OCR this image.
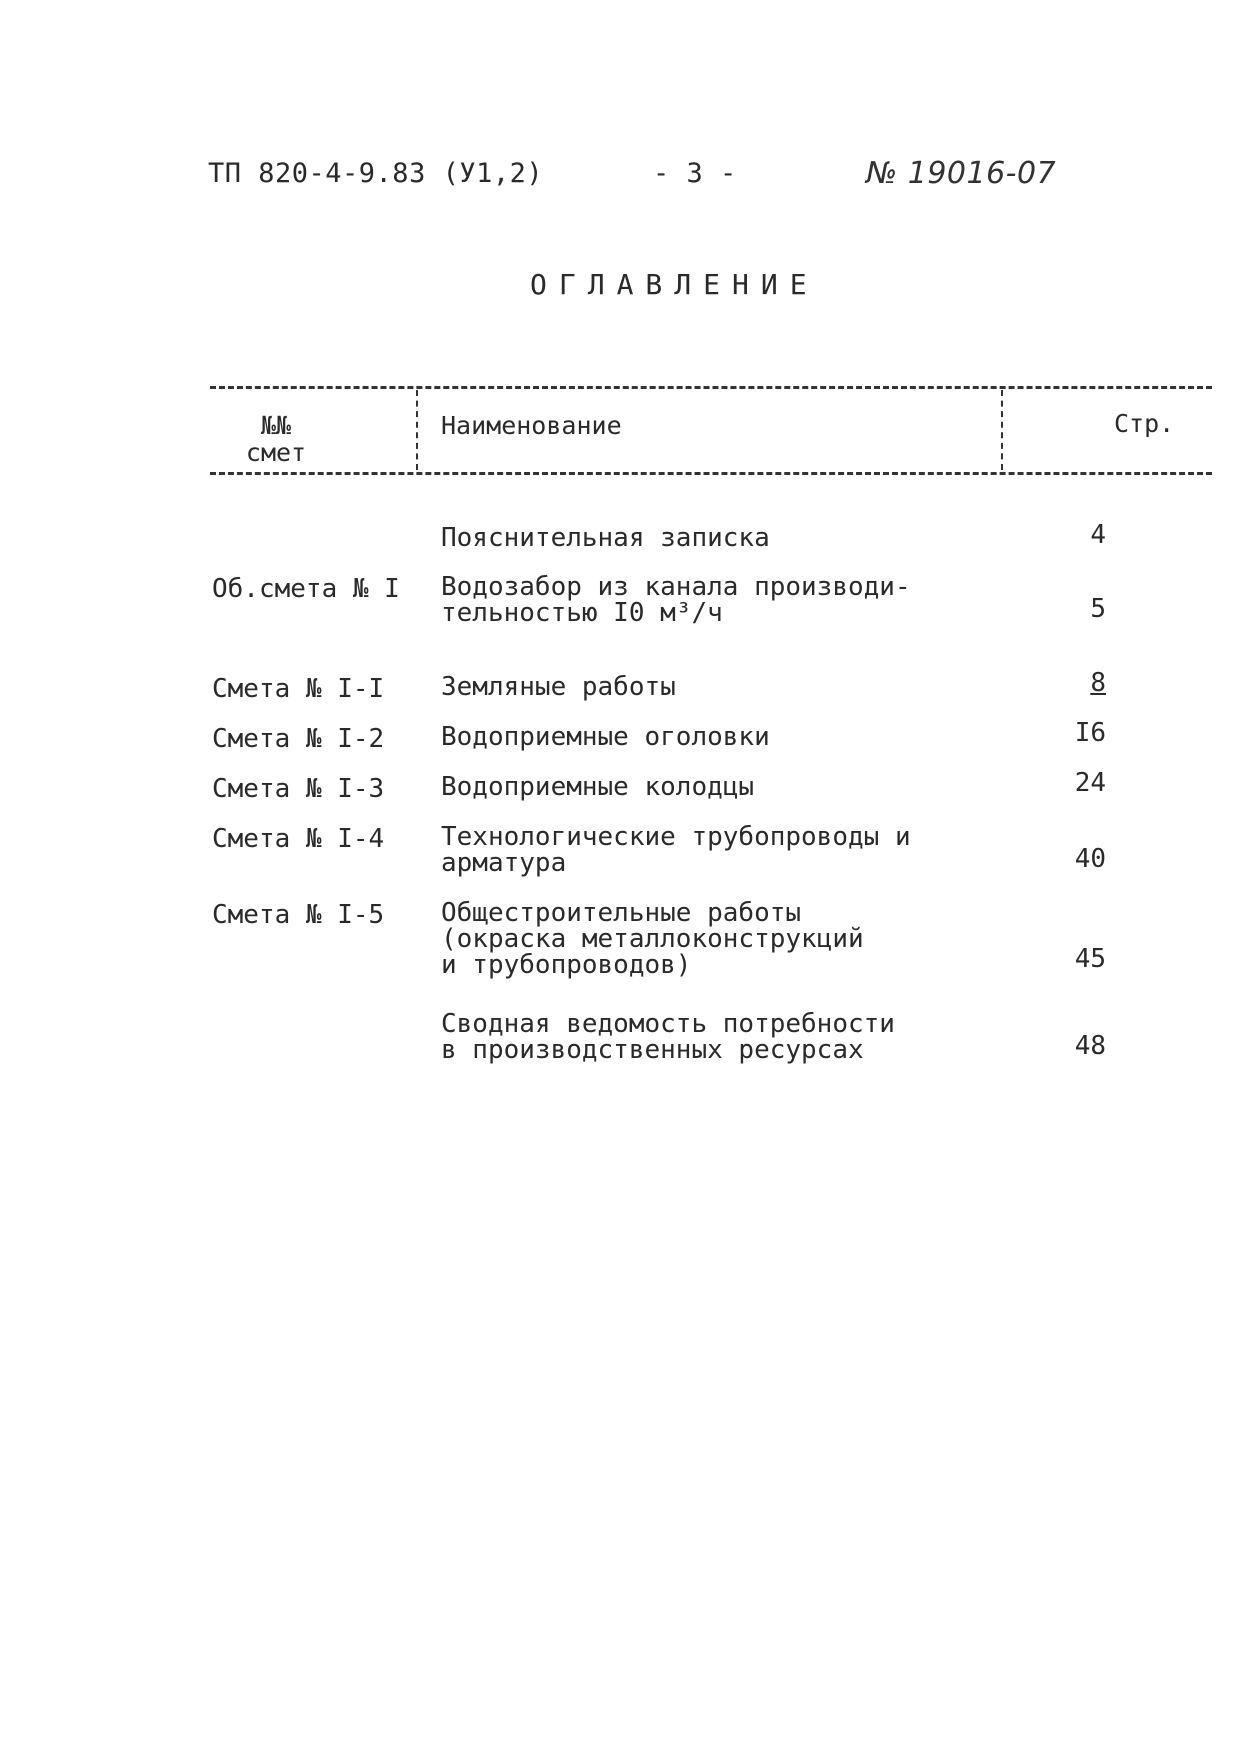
ТП 820-4-9.83 (У1,2)	- 3 -	№ 19016-07
ОГЛАВЛЕНИЕ
№№
смет
Наименование	Стр.
Пояснительная записка	4
Об.смета № I Водозабор из канала производи-
тельностью I0 м³/ч	5
Смета № I-I Земляные работы	8
Смета № I-2 Водоприемные оголовки	I6
Смета № I-3 Водоприемные колодцы	24
Смета № I-4 Технологические трубопроводы и
арматура	40
Смета № I-5 Общестроительные работы
(окраска металлоконструкций
и трубопроводов)	45
Сводная ведомость потребности
в производственных ресурсах	48
